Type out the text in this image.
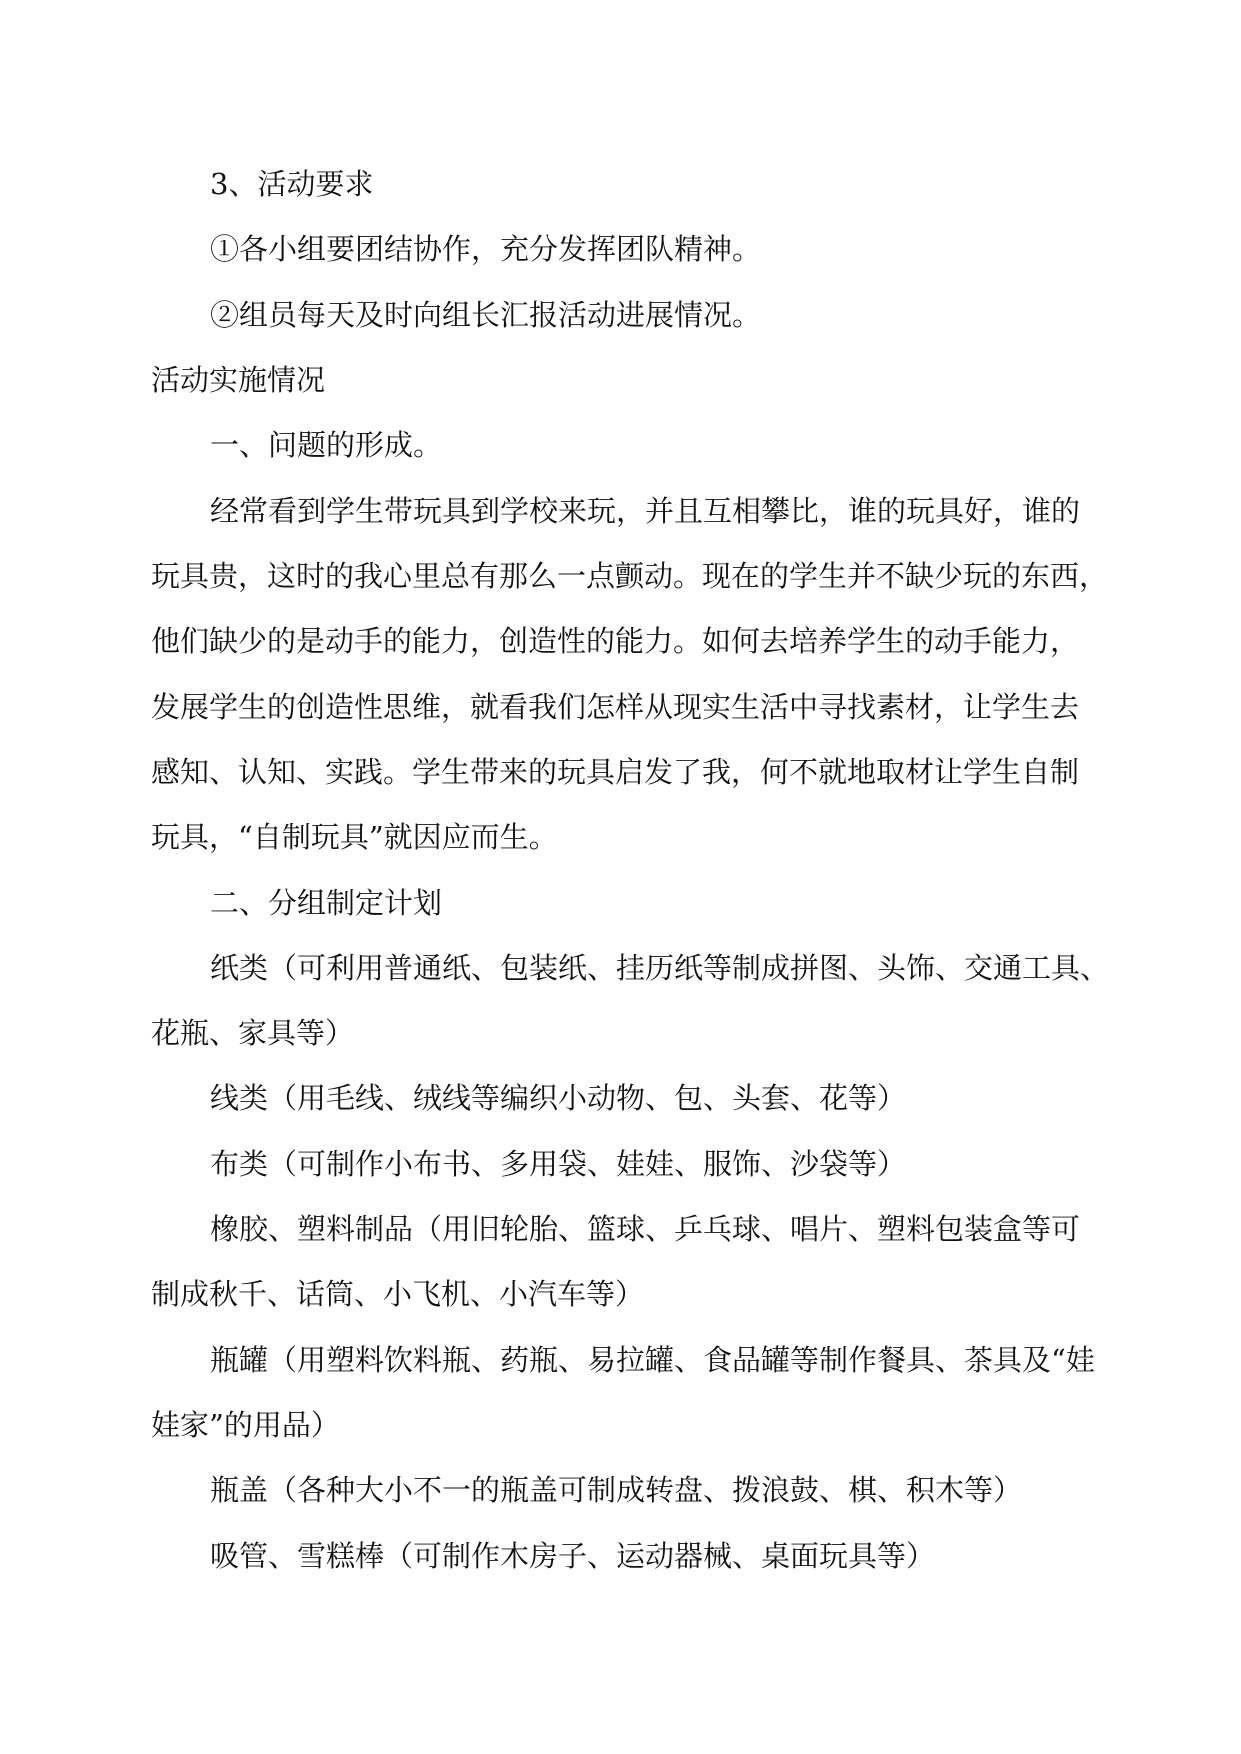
3、活动要求
①各小组要团结协作，充分发挥团队精神。
②组员每天及时向组长汇报活动进展情况。
活动实施情况
一、问题的形成。
经常看到学生带玩具到学校来玩，并且互相攀比，谁的玩具好，谁的
玩具贵，这时的我心里总有那么一点颤动。现在的学生并不缺少玩的东西，
他们缺少的是动手的能力，创造性的能力。如何去培养学生的动手能力，
发展学生的创造性思维，就看我们怎样从现实生活中寻找素材，让学生去
感知、认知、实践。学生带来的玩具启发了我，何不就地取材让学生自制
玩具，“自制玩具”就因应而生。
二、分组制定计划
纸类（可利用普通纸、包装纸、挂历纸等制成拼图、头饰、交通工具、
花瓶、家具等）
线类（用毛线、绒线等编织小动物、包、头套、花等）
布类（可制作小布书、多用袋、娃娃、服饰、沙袋等）
橡胶、塑料制品（用旧轮胎、篮球、乒乓球、唱片、塑料包装盒等可
制成秋千、话筒、小飞机、小汽车等）
瓶罐（用塑料饮料瓶、药瓶、易拉罐、食品罐等制作餐具、茶具及“娃
娃家”的用品）
瓶盖（各种大小不一的瓶盖可制成转盘、拨浪鼓、棋、积木等）
吸管、雪糕棒（可制作木房子、运动器械、桌面玩具等）
